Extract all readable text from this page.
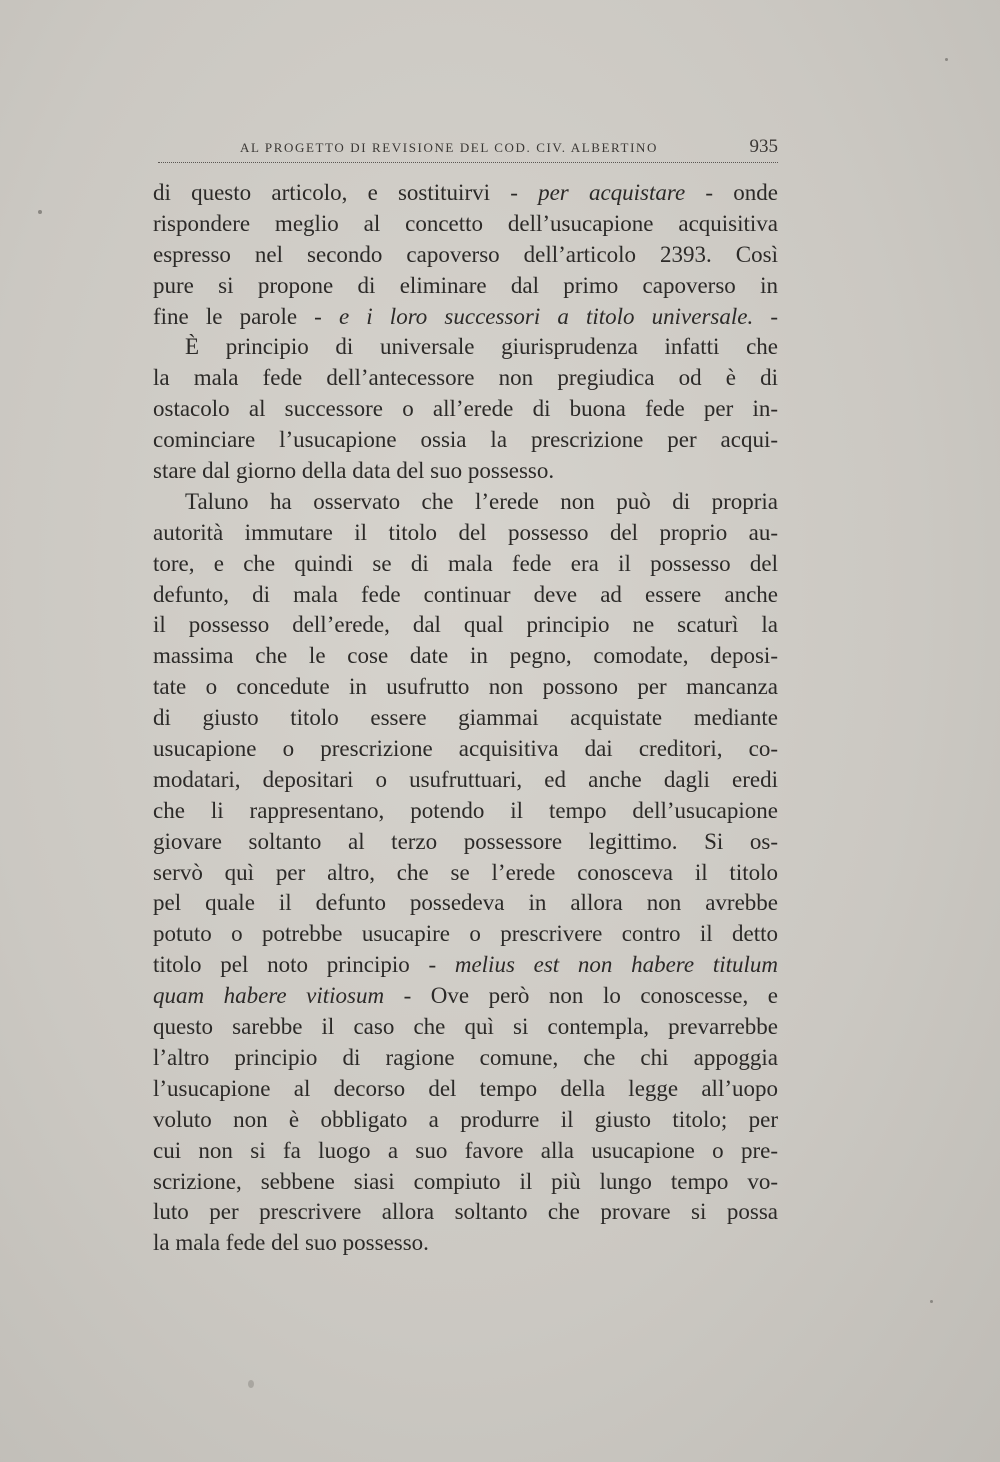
AL PROGETTO DI REVISIONE DEL COD. CIV. ALBERTINO	935
di questo articolo, e sostituirvi - per acquistare - onde
rispondere meglio al concetto dell’usucapione acquisitiva
espresso nel secondo capoverso dell’articolo 2393. Così
pure si propone di eliminare dal primo capoverso in
fine le parole - e i loro successori a titolo universale. -
È principio di universale giurisprudenza infatti che
la mala fede dell’antecessore non pregiudica od è di
ostacolo al successore o all’erede di buona fede per in-
cominciare l’usucapione ossia la prescrizione per acqui-
stare dal giorno della data del suo possesso.
Taluno ha osservato che l’erede non può di propria
autorità immutare il titolo del possesso del proprio au-
tore, e che quindi se di mala fede era il possesso del
defunto, di mala fede continuar deve ad essere anche
il possesso dell’erede, dal qual principio ne scaturì la
massima che le cose date in pegno, comodate, deposi-
tate o concedute in usufrutto non possono per mancanza
di giusto titolo essere giammai acquistate mediante
usucapione o prescrizione acquisitiva dai creditori, co-
modatari, depositari o usufruttuari, ed anche dagli eredi
che li rappresentano, potendo il tempo dell’usucapione
giovare soltanto al terzo possessore legittimo. Si os-
servò quì per altro, che se l’erede conosceva il titolo
pel quale il defunto possedeva in allora non avrebbe
potuto o potrebbe usucapire o prescrivere contro il detto
titolo pel noto principio - melius est non habere titulum
quam habere vitiosum - Ove però non lo conoscesse, e
questo sarebbe il caso che quì si contempla, prevarrebbe
l’altro principio di ragione comune, che chi appoggia
l’usucapione al decorso del tempo della legge all’uopo
voluto non è obbligato a produrre il giusto titolo; per
cui non si fa luogo a suo favore alla usucapione o pre-
scrizione, sebbene siasi compiuto il più lungo tempo vo-
luto per prescrivere allora soltanto che provare si possa
la mala fede del suo possesso.
